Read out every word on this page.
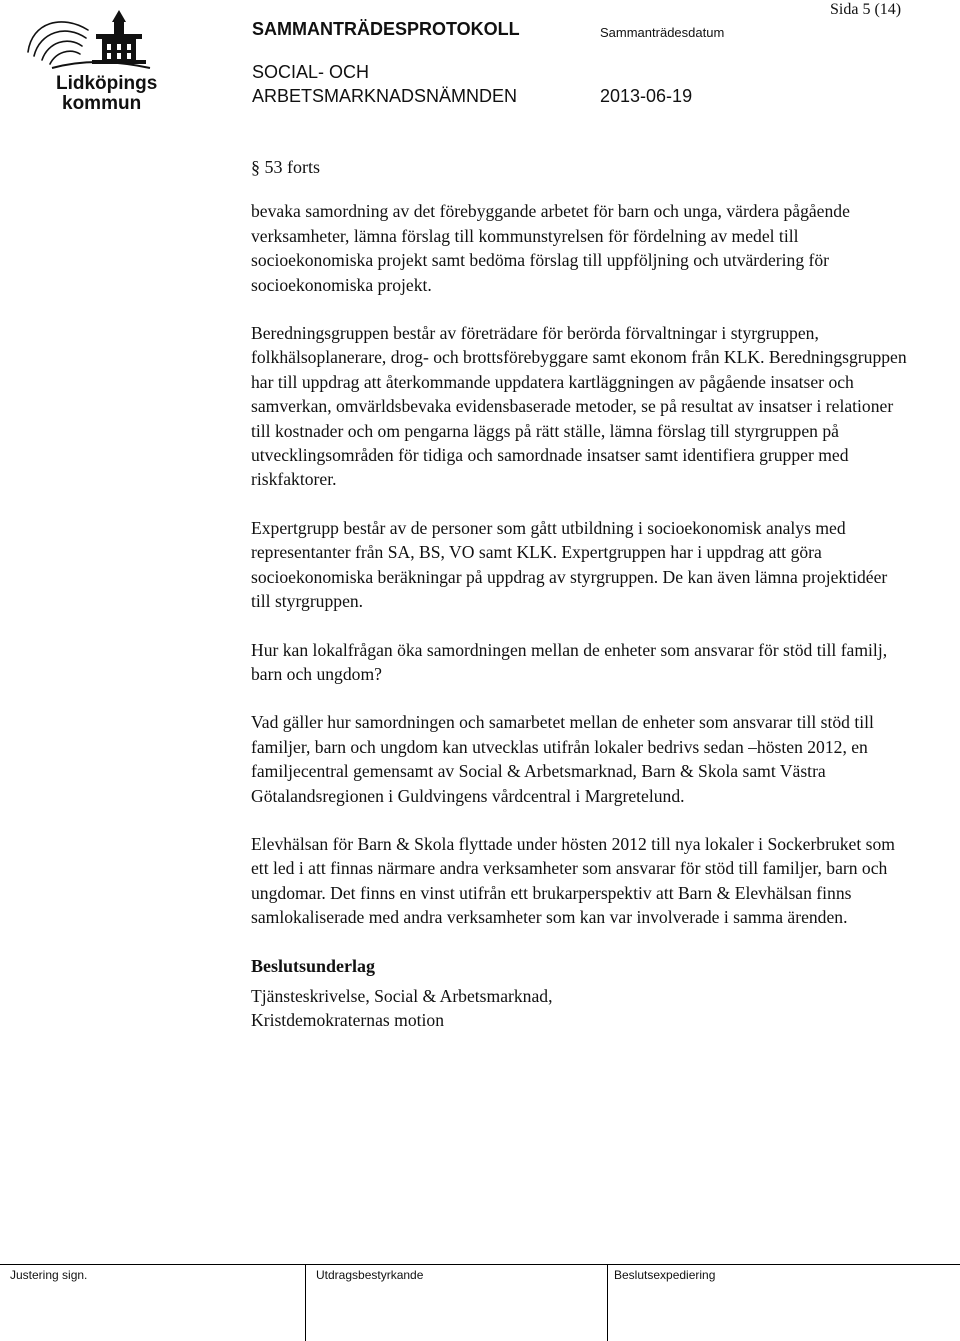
Lidköpings
kommun
SAMMANTRÄDESPROTOKOLL	Sammanträdesdatum
Sida 5 (14)
SOCIAL- OCH
ARBETSMARKNADSNÄMNDEN	2013-06-19
§ 53 forts

bevaka samordning av det förebyggande arbetet för barn och unga, värdera pågående verksamheter, lämna förslag till kommunstyrelsen för fördelning av medel till socioekonomiska projekt samt bedöma förslag till uppföljning och utvärdering för socioekonomiska projekt.

Beredningsgruppen består av företrädare för berörda förvaltningar i styrgruppen, folkhälsoplanerare, drog- och brottsförebyggare samt ekonom från KLK. Beredningsgruppen har till uppdrag att återkommande uppdatera kartläggningen av pågående insatser och samverkan, omvärldsbevaka evidensbaserade metoder, se på resultat av insatser i relationer till kostnader och om pengarna läggs på rätt ställe, lämna förslag till styrgruppen på utvecklingsområden för tidiga och samordnade insatser samt identifiera grupper med riskfaktorer.

Expertgrupp består av de personer som gått utbildning i socioekonomisk analys med representanter från SA, BS, VO samt KLK. Expertgruppen har i uppdrag att göra socioekonomiska beräkningar på uppdrag av styrgruppen. De kan även lämna projektidéer till styrgruppen.

Hur kan lokalfrågan öka samordningen mellan de enheter som ansvarar för stöd till familj, barn och ungdom?

Vad gäller hur samordningen och samarbetet mellan de enheter som ansvarar till stöd till familjer, barn och ungdom kan utvecklas utifrån lokaler bedrivs sedan –hösten 2012, en familjecentral gemensamt av Social & Arbetsmarknad, Barn & Skola samt Västra Götalandsregionen i Guldvingens vårdcentral i Margretelund.

Elevhälsan för Barn & Skola flyttade under hösten 2012 till nya lokaler i Sockerbruket som ett led i att finnas närmare andra verksamheter som ansvarar för stöd till familjer, barn och ungdomar. Det finns en vinst utifrån ett brukarperspektiv att Barn & Elevhälsan finns samlokaliserade med andra verksamheter som kan var involverade i samma ärenden.

Beslutsunderlag
Tjänsteskrivelse, Social & Arbetsmarknad,
Kristdemokraternas motion
Justering sign.	Utdragsbestyrkande	Beslutsexpediering
